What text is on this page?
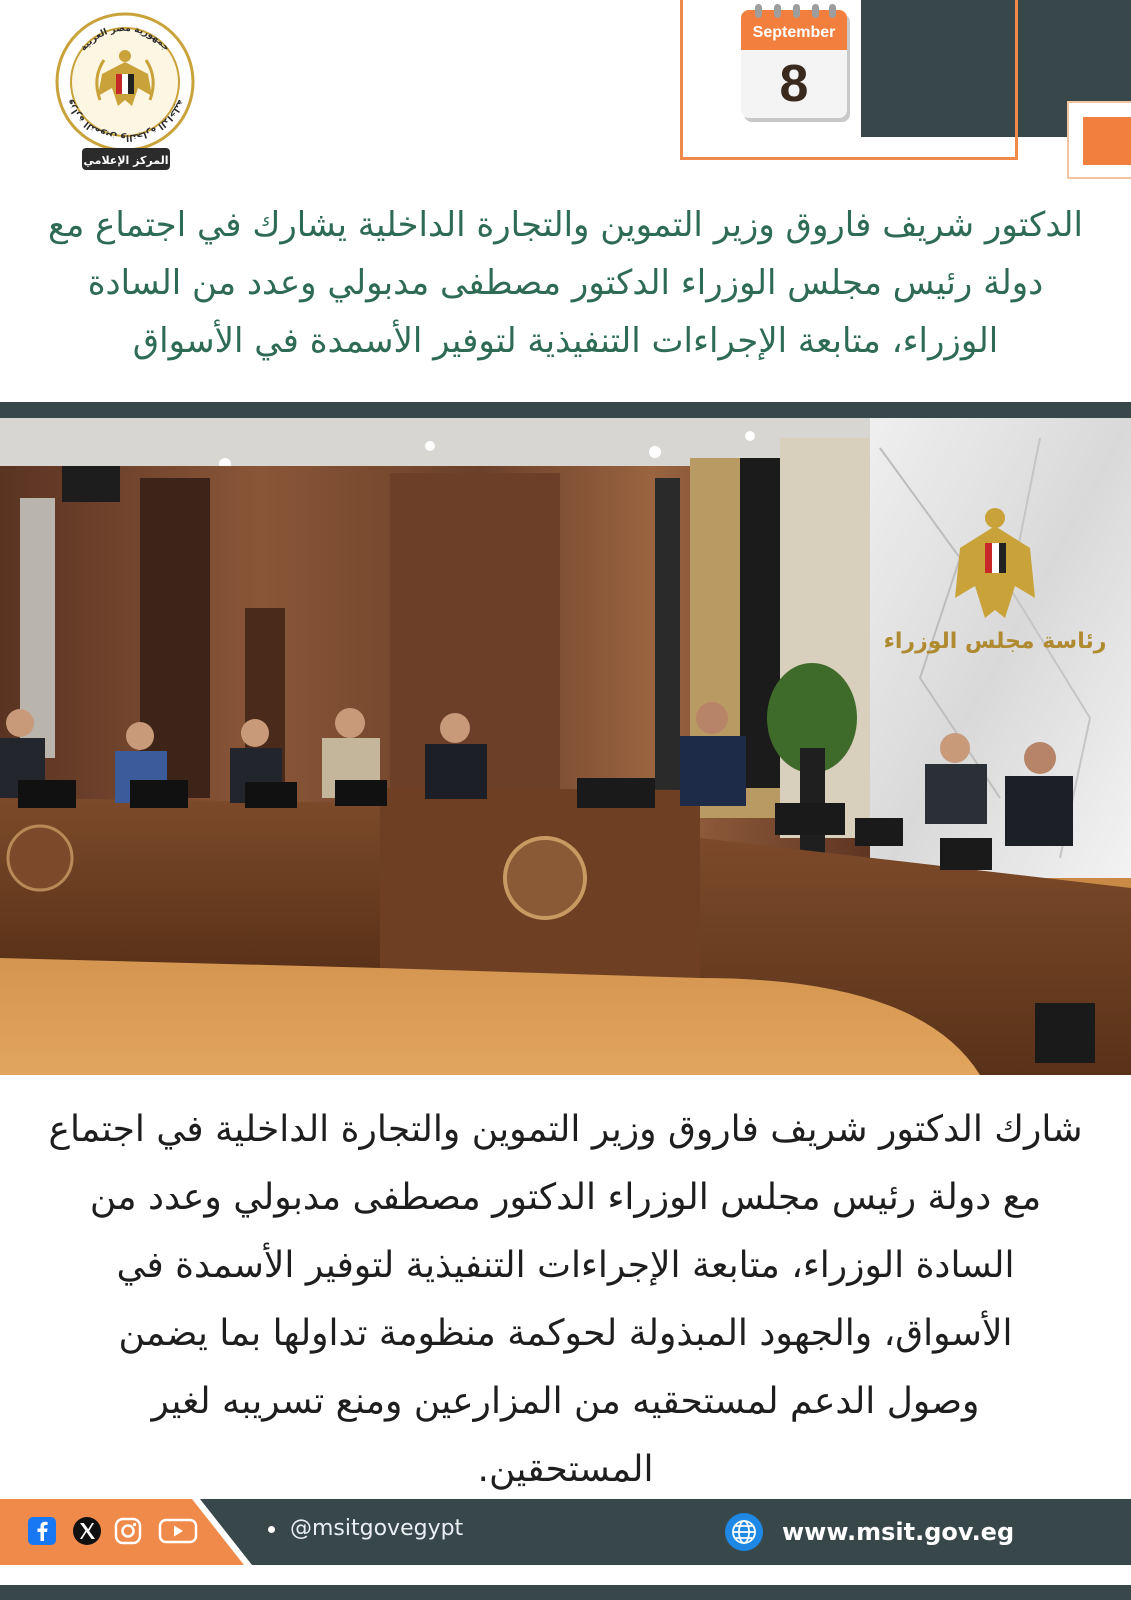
September
8
جمهورية مصر العربية
وزارة التموين والتجارة الداخلية
المركز الإعلامي
الدكتور شريف فاروق وزير التموين والتجارة الداخلية يشارك في اجتماع مع
دولة رئيس مجلس الوزراء الدكتور مصطفى مدبولي وعدد من السادة
الوزراء، متابعة الإجراءات التنفيذية لتوفير الأسمدة في الأسواق
رئاسة مجلس الوزراء
شارك الدكتور شريف فاروق وزير التموين والتجارة الداخلية في اجتماع
مع دولة رئيس مجلس الوزراء الدكتور مصطفى مدبولي وعدد من
السادة الوزراء، متابعة الإجراءات التنفيذية لتوفير الأسمدة في
الأسواق، والجهود المبذولة لحوكمة منظومة تداولها بما يضمن
وصول الدعم لمستحقيه من المزارعين ومنع تسريبه لغير
المستحقين.
@msitgovegypt	www.msit.gov.eg
